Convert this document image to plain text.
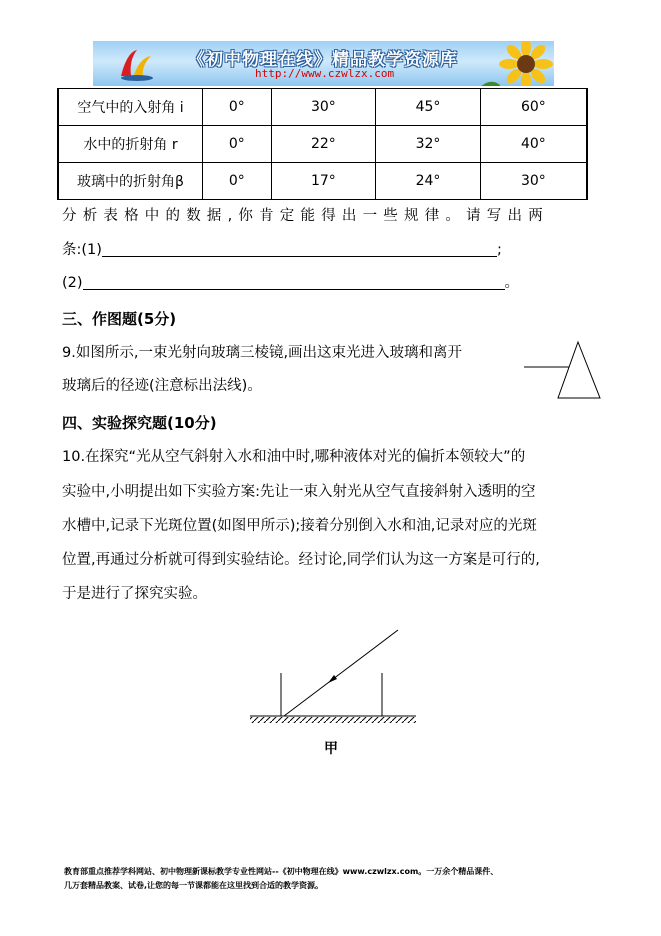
《初中物理在线》精品教学资源库
http://www.czwlzx.com
空气中的入射角 i	0°	30°	45°	60°
水中的折射角 r	0°	22°	32°	40°
玻璃中的折射角β	0°	17°	24°	30°
分析表格中的数据,你肯定能得出一些规律。请写出两
条:(1)	;
(2)	。
三、作图题(5分)
9.如图所示,一束光射向玻璃三棱镜,画出这束光进入玻璃和离开
玻璃后的径迹(注意标出法线)。
四、实验探究题(10分)
10.在探究“光从空气斜射入水和油中时,哪种液体对光的偏折本领较大”的
实验中,小明提出如下实验方案:先让一束入射光从空气直接斜射入透明的空
水槽中,记录下光斑位置(如图甲所示);接着分别倒入水和油,记录对应的光斑
位置,再通过分析就可得到实验结论。经讨论,同学们认为这一方案是可行的,
于是进行了探究实验。
甲
教育部重点推荐学科网站、初中物理新课标教学专业性网站--《初中物理在线》www.czwlzx.com。一万余个精品课件、
几万套精品教案、试卷,让您的每一节课都能在这里找到合适的教学资源。
